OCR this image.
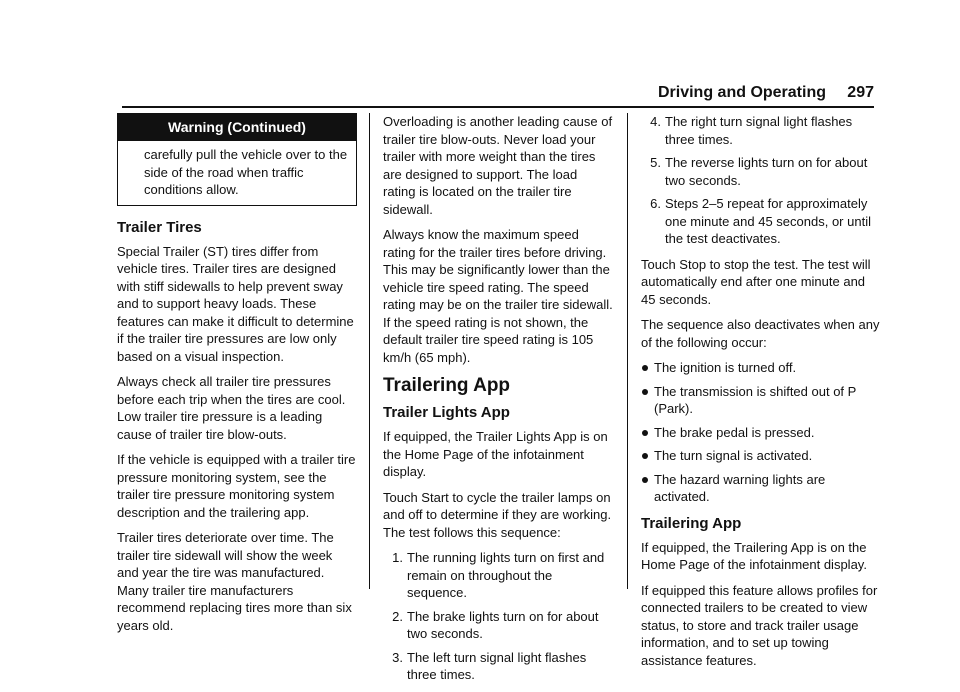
Driving and Operating 297
Warning (Continued)
carefully pull the vehicle over to the side of the road when traffic conditions allow.
Trailer Tires

Special Trailer (ST) tires differ from vehicle tires. Trailer tires are designed with stiff sidewalls to help prevent sway and to support heavy loads. These features can make it difficult to determine if the trailer tire pressures are low only based on a visual inspection.

Always check all trailer tire pressures before each trip when the tires are cool. Low trailer tire pressure is a leading cause of trailer tire blow-outs.

If the vehicle is equipped with a trailer tire pressure monitoring system, see the trailer tire pressure monitoring system description and the trailering app.

Trailer tires deteriorate over time. The trailer tire sidewall will show the week and year the tire was manufactured. Many trailer tire manufacturers recommend replacing tires more than six years old.

Overloading is another leading cause of trailer tire blow-outs. Never load your trailer with more weight than the tires are designed to support. The load rating is located on the trailer tire sidewall.

Always know the maximum speed rating for the trailer tires before driving. This may be significantly lower than the vehicle tire speed rating. The speed rating may be on the trailer tire sidewall. If the speed rating is not shown, the default trailer tire speed rating is 105 km/h (65 mph).

Trailering App
Trailer Lights App

If equipped, the Trailer Lights App is on the Home Page of the infotainment display.

Touch Start to cycle the trailer lamps on and off to determine if they are working. The test follows this sequence:

1. The running lights turn on first and remain on throughout the sequence.
2. The brake lights turn on for about two seconds.
3. The left turn signal light flashes three times.
4. The right turn signal light flashes three times.
5. The reverse lights turn on for about two seconds.
6. Steps 2–5 repeat for approximately one minute and 45 seconds, or until the test deactivates.

Touch Stop to stop the test. The test will automatically end after one minute and 45 seconds.

The sequence also deactivates when any of the following occur:

The ignition is turned off.
The transmission is shifted out of P (Park).
The brake pedal is pressed.
The turn signal is activated.
The hazard warning lights are activated.
Trailering App

If equipped, the Trailering App is on the Home Page of the infotainment display.

If equipped this feature allows profiles for connected trailers to be created to view status, to store and track trailer usage information, and to set up towing assistance features.
